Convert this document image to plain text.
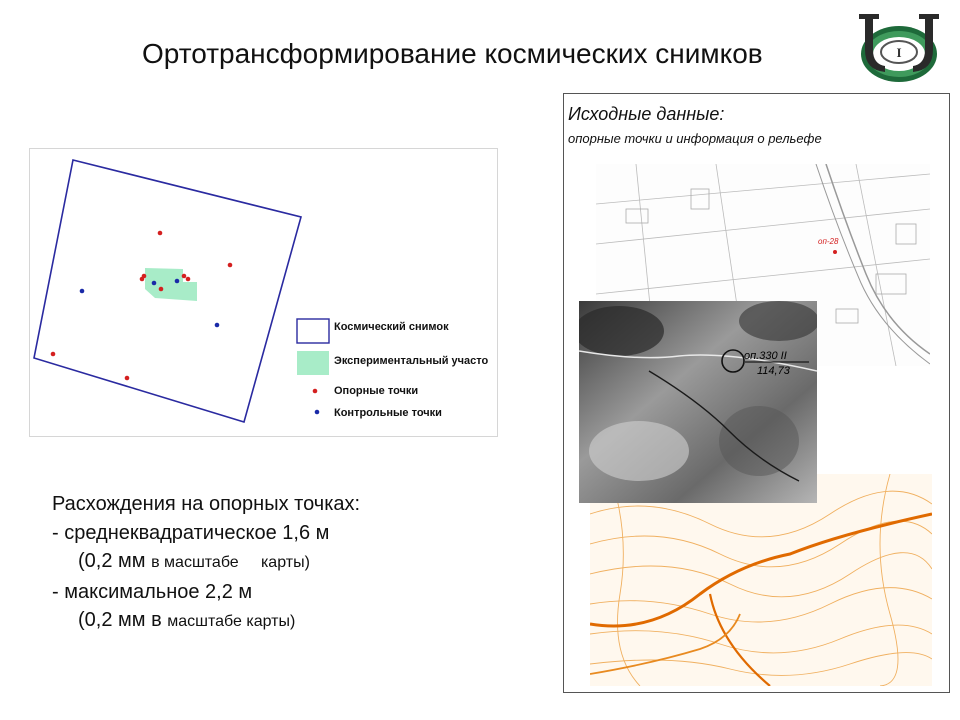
Ортотрансформирование космических снимков	I
Космический снимок
Экспериментальный участо
Опорные точки
Контрольные точки
Расхождения на опорных точках:
- среднеквадратическое 1,6 м
(0,2 мм в масштабе карты)
- максимальное 2,2 м
(0,2 мм в масштабе карты)
Исходные данные:
опорные точки и информация о рельефе
оп-28
оп.330 II
114,73
